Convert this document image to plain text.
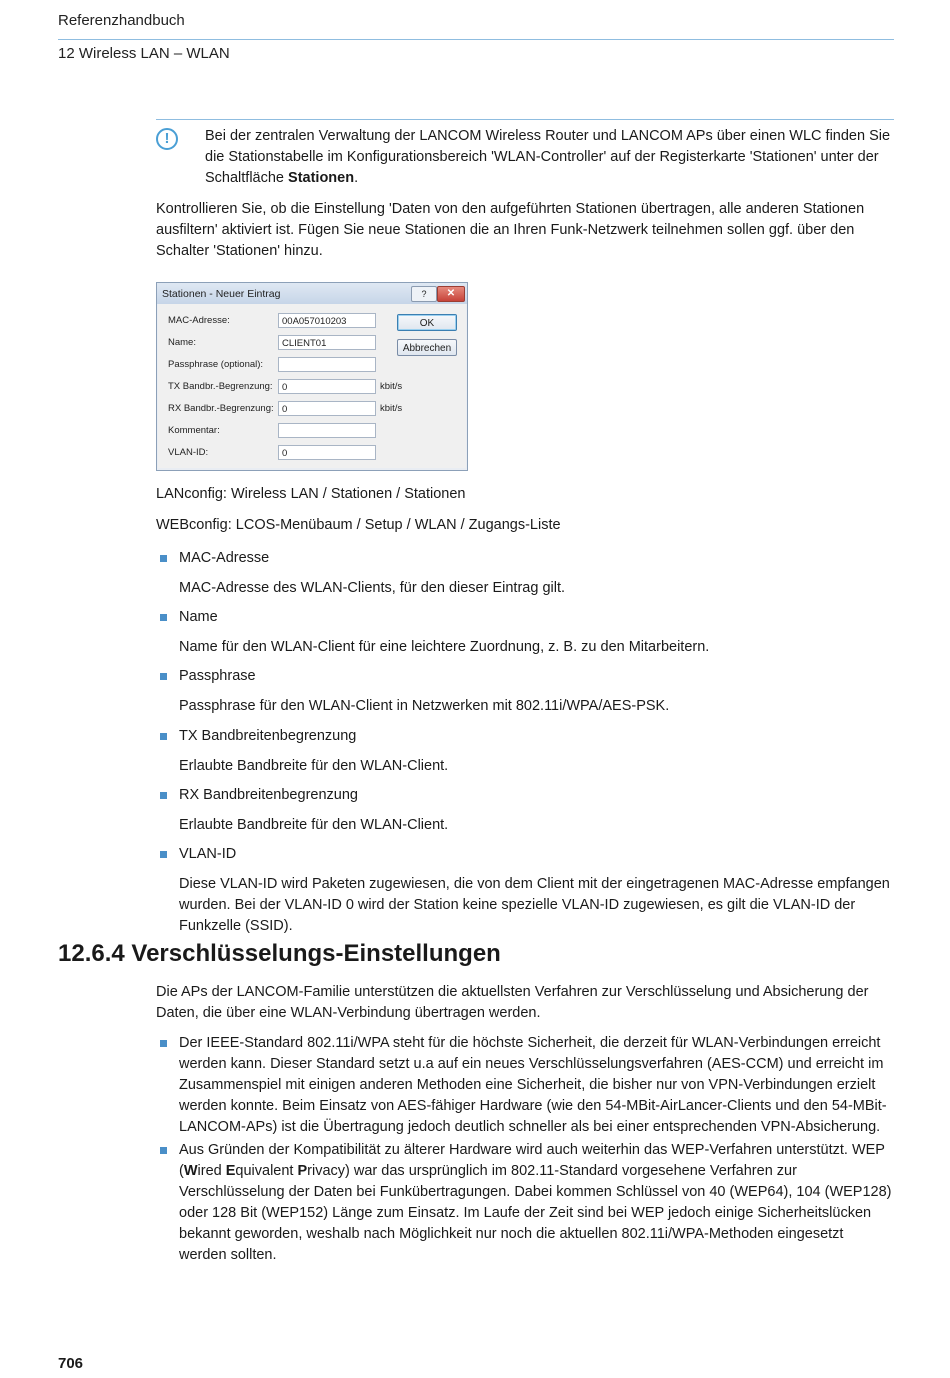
Referenzhandbuch
12 Wireless LAN – WLAN
!	Bei der zentralen Verwaltung der LANCOM Wireless Router und LANCOM APs über einen WLC finden Sie die Stationstabelle im Konfigurationsbereich 'WLAN-Controller' auf der Registerkarte 'Stationen' unter der Schaltfläche Stationen.
Kontrollieren Sie, ob die Einstellung 'Daten von den aufgeführten Stationen übertragen, alle anderen Stationen ausfiltern' aktiviert ist. Fügen Sie neue Stationen die an Ihren Funk-Netzwerk teilnehmen sollen ggf. über den Schalter 'Stationen' hinzu.
Stationen - Neuer Eintrag	?	✕
MAC-Adresse:	00A057010203
Name:	CLIENT01
Passphrase (optional):
TX Bandbr.-Begrenzung: 0	kbit/s
RX Bandbr.-Begrenzung: 0	kbit/s
Kommentar:
VLAN-ID:	0
OK
Abbrechen
LANconfig: Wireless LAN / Stationen / Stationen
WEBconfig: LCOS-Menübaum / Setup / WLAN / Zugangs-Liste
MAC-Adresse
MAC-Adresse des WLAN-Clients, für den dieser Eintrag gilt.
Name
Name für den WLAN-Client für eine leichtere Zuordnung, z. B. zu den Mitarbeitern.
Passphrase
Passphrase für den WLAN-Client in Netzwerken mit 802.11i/WPA/AES-PSK.
TX Bandbreitenbegrenzung
Erlaubte Bandbreite für den WLAN-Client.
RX Bandbreitenbegrenzung
Erlaubte Bandbreite für den WLAN-Client.
VLAN-ID
Diese VLAN-ID wird Paketen zugewiesen, die von dem Client mit der eingetragenen MAC-Adresse empfangen wurden. Bei der VLAN-ID 0 wird der Station keine spezielle VLAN-ID zugewiesen, es gilt die VLAN-ID der Funkzelle (SSID).
12.6.4 Verschlüsselungs-Einstellungen
Die APs der LANCOM-Familie unterstützen die aktuellsten Verfahren zur Verschlüsselung und Absicherung der Daten, die über eine WLAN-Verbindung übertragen werden.
Der IEEE-Standard 802.11i/WPA steht für die höchste Sicherheit, die derzeit für WLAN-Verbindungen erreicht werden kann. Dieser Standard setzt u.a auf ein neues Verschlüsselungsverfahren (AES-CCM) und erreicht im Zusammenspiel mit einigen anderen Methoden eine Sicherheit, die bisher nur von VPN-Verbindungen erzielt werden konnte. Beim Einsatz von AES-fähiger Hardware (wie den 54-MBit-AirLancer-Clients und den 54-MBit-LANCOM-APs) ist die Übertragung jedoch deutlich schneller als bei einer entsprechenden VPN-Absicherung.
Aus Gründen der Kompatibilität zu älterer Hardware wird auch weiterhin das WEP-Verfahren unterstützt. WEP (Wired Equivalent Privacy) war das ursprünglich im 802.11-Standard vorgesehene Verfahren zur Verschlüsselung der Daten bei Funkübertragungen. Dabei kommen Schlüssel von 40 (WEP64), 104 (WEP128) oder 128 Bit (WEP152) Länge zum Einsatz. Im Laufe der Zeit sind bei WEP jedoch einige Sicherheitslücken bekannt geworden, weshalb nach Möglichkeit nur noch die aktuellen 802.11i/WPA-Methoden eingesetzt werden sollten.
706
